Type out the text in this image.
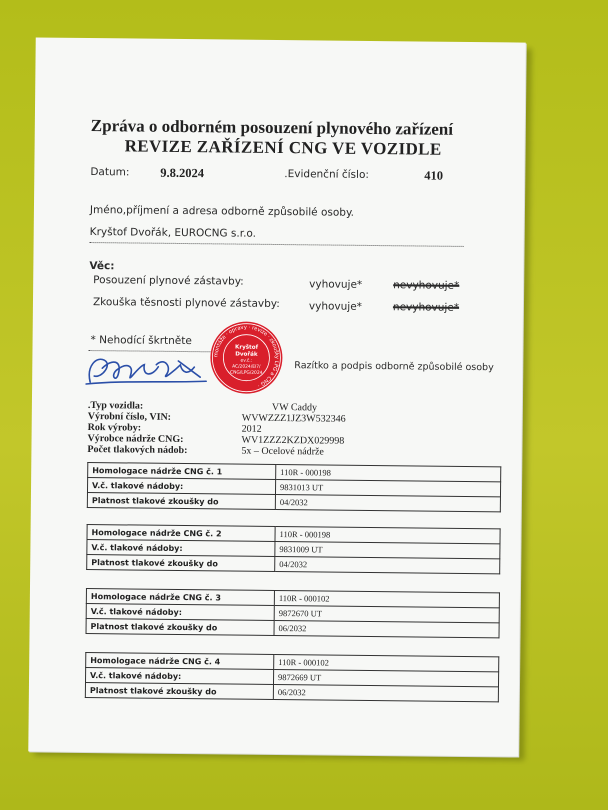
Zpráva o odborném posouzení plynového zařízení
REVIZE ZAŘÍZENÍ CNG VE VOZIDLE
Datum: 9.8.2024	.Evidenční číslo:	410
Jméno,příjmení a adresa odborně způsobilé osoby.
Kryštof Dvořák, EUROCNG s.r.o.
Věc:
Posouzení plynové zástavby:	vyhovuje*	nevyhovuje*
Zkouška těsnosti plynové zástavby:	vyhovuje*	nevyhovuje*
* Nehodící škrtněte
montáže · opravy · revize · zkoušky LPG a CNG ·
Kryštof
Dvořák
ev.č.:
AC/2024/EI7/
CNG/LPG/2024	Razítko a podpis odborně způsobilé osoby
.Typ vozidla:	VW Caddy
Výrobní číslo, VIN:	WVWZZZ1JZ3W532346
Rok výroby:	2012
Výrobce nádrže CNG:	WV1ZZZ2KZDX029998
Počet tlakových nádob:	5x – Ocelové nádrže
Homologace nádrže CNG č. 1	110R - 000198
V.č. tlakové nádoby:	9831013 UT
Platnost tlakové zkoušky do	04/2032
Homologace nádrže CNG č. 2	110R - 000198
V.č. tlakové nádoby:	9831009 UT
Platnost tlakové zkoušky do	04/2032
Homologace nádrže CNG č. 3	110R - 000102
V.č. tlakové nádoby:	9872670 UT
Platnost tlakové zkoušky do	06/2032
Homologace nádrže CNG č. 4	110R - 000102
V.č. tlakové nádoby:	9872669 UT
Platnost tlakové zkoušky do	06/2032
